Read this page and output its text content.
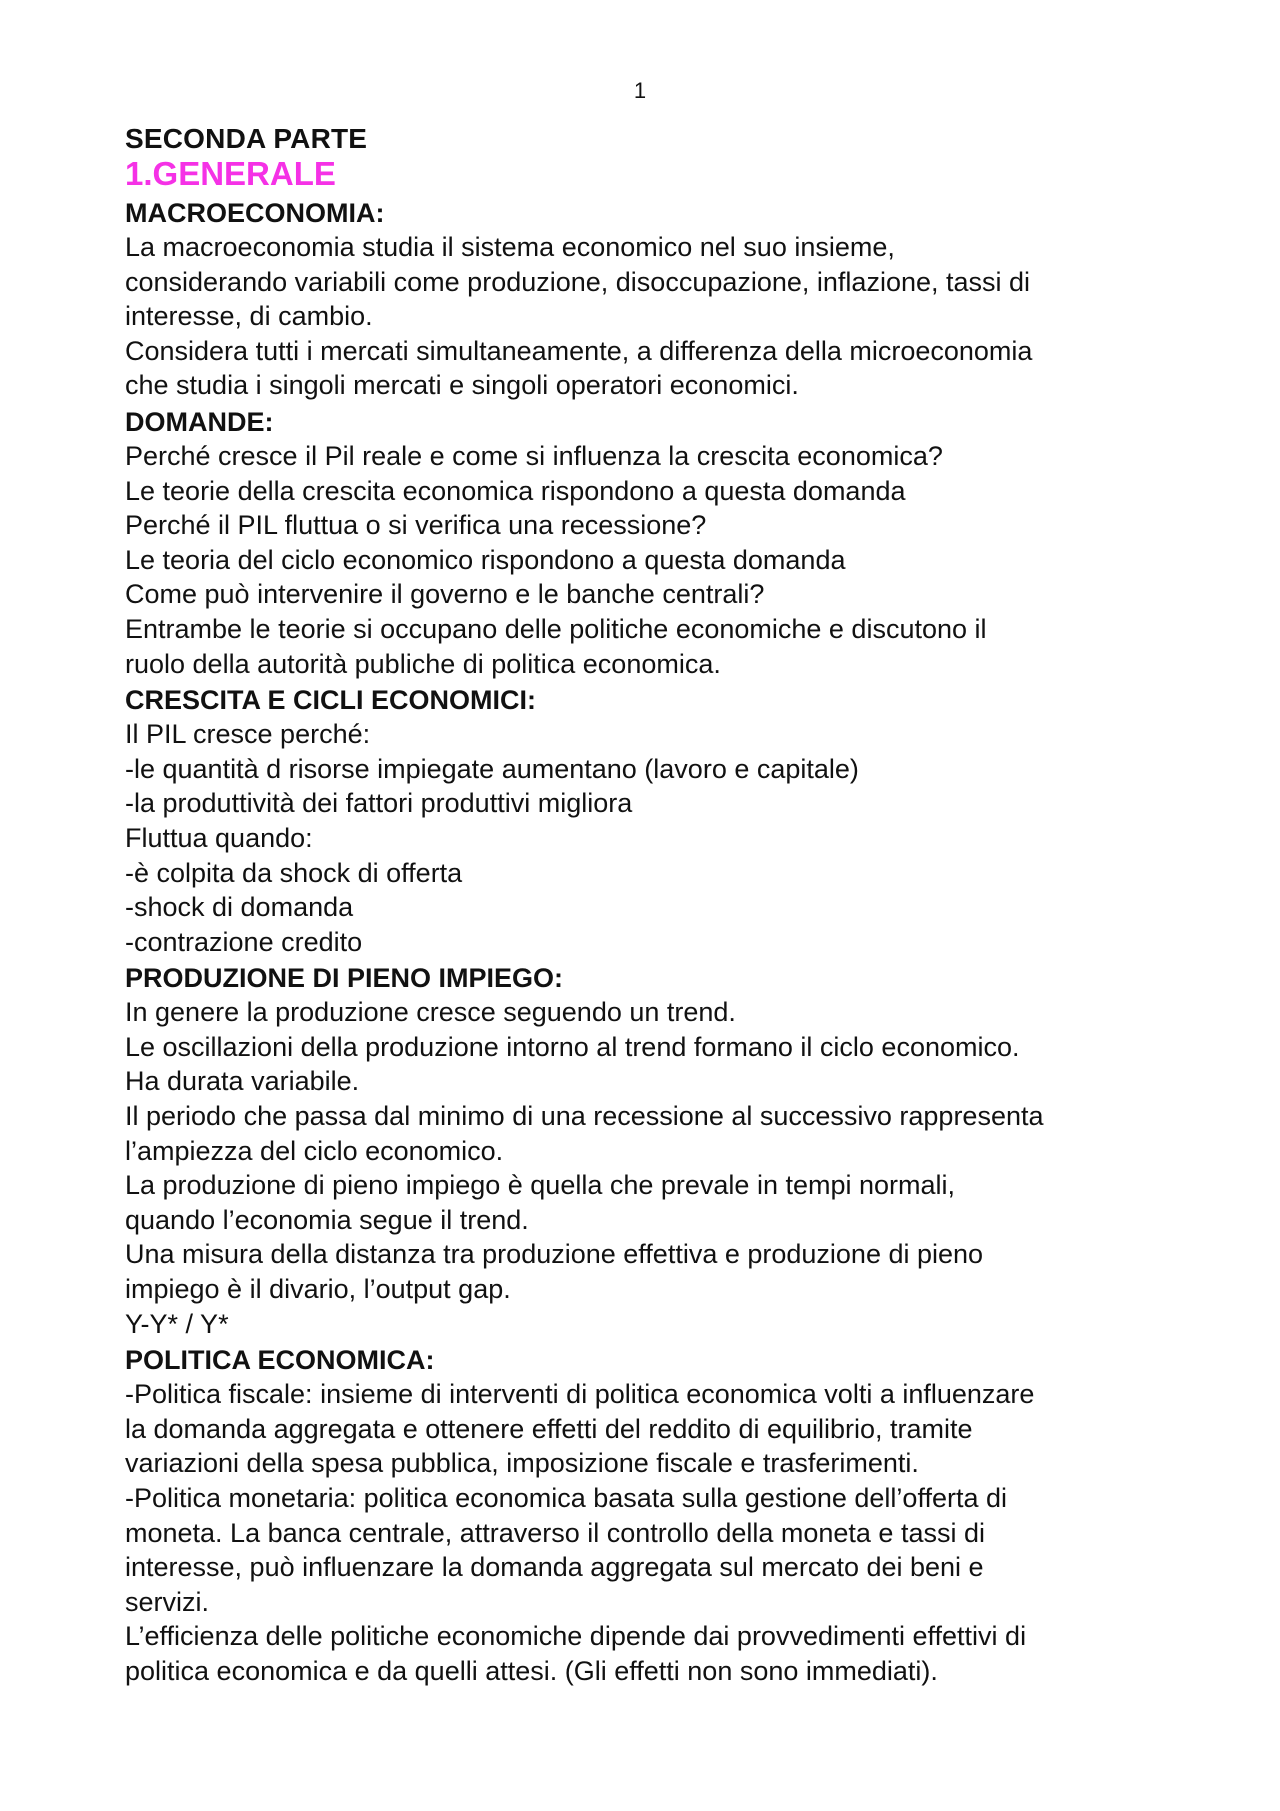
1
SECONDA PARTE
1.GENERALE
MACROECONOMIA:
La macroeconomia studia il sistema economico nel suo insieme,
considerando variabili come produzione, disoccupazione, inflazione, tassi di
interesse, di cambio.
Considera tutti i mercati simultaneamente, a differenza della microeconomia
che studia i singoli mercati e singoli operatori economici.
DOMANDE:
Perché cresce il Pil reale e come si influenza la crescita economica?
Le teorie della crescita economica rispondono a questa domanda
Perché il PIL fluttua o si verifica una recessione?
Le teoria del ciclo economico rispondono a questa domanda
Come può intervenire il governo e le banche centrali?
Entrambe le teorie si occupano delle politiche economiche e discutono il
ruolo della autorità publiche di politica economica.
CRESCITA E CICLI ECONOMICI:
Il PIL cresce perché:
-le quantità d risorse impiegate aumentano (lavoro e capitale)
-la produttività dei fattori produttivi migliora
Fluttua quando:
-è colpita da shock di offerta
-shock di domanda
-contrazione credito
PRODUZIONE DI PIENO IMPIEGO:
In genere la produzione cresce seguendo un trend.
Le oscillazioni della produzione intorno al trend formano il ciclo economico.
Ha durata variabile.
Il periodo che passa dal minimo di una recessione al successivo rappresenta
l’ampiezza del ciclo economico.
La produzione di pieno impiego è quella che prevale in tempi normali,
quando l’economia segue il trend.
Una misura della distanza tra produzione effettiva e produzione di pieno
impiego è il divario, l’output gap.
Y-Y* / Y*
POLITICA ECONOMICA:
-Politica fiscale: insieme di interventi di politica economica volti a influenzare
la domanda aggregata e ottenere effetti del reddito di equilibrio, tramite
variazioni della spesa pubblica, imposizione fiscale e trasferimenti.
-Politica monetaria: politica economica basata sulla gestione dell’offerta di
moneta. La banca centrale, attraverso il controllo della moneta e tassi di
interesse, può influenzare la domanda aggregata sul mercato dei beni e
servizi.
L’efficienza delle politiche economiche dipende dai provvedimenti effettivi di
politica economica e da quelli attesi. (Gli effetti non sono immediati).
